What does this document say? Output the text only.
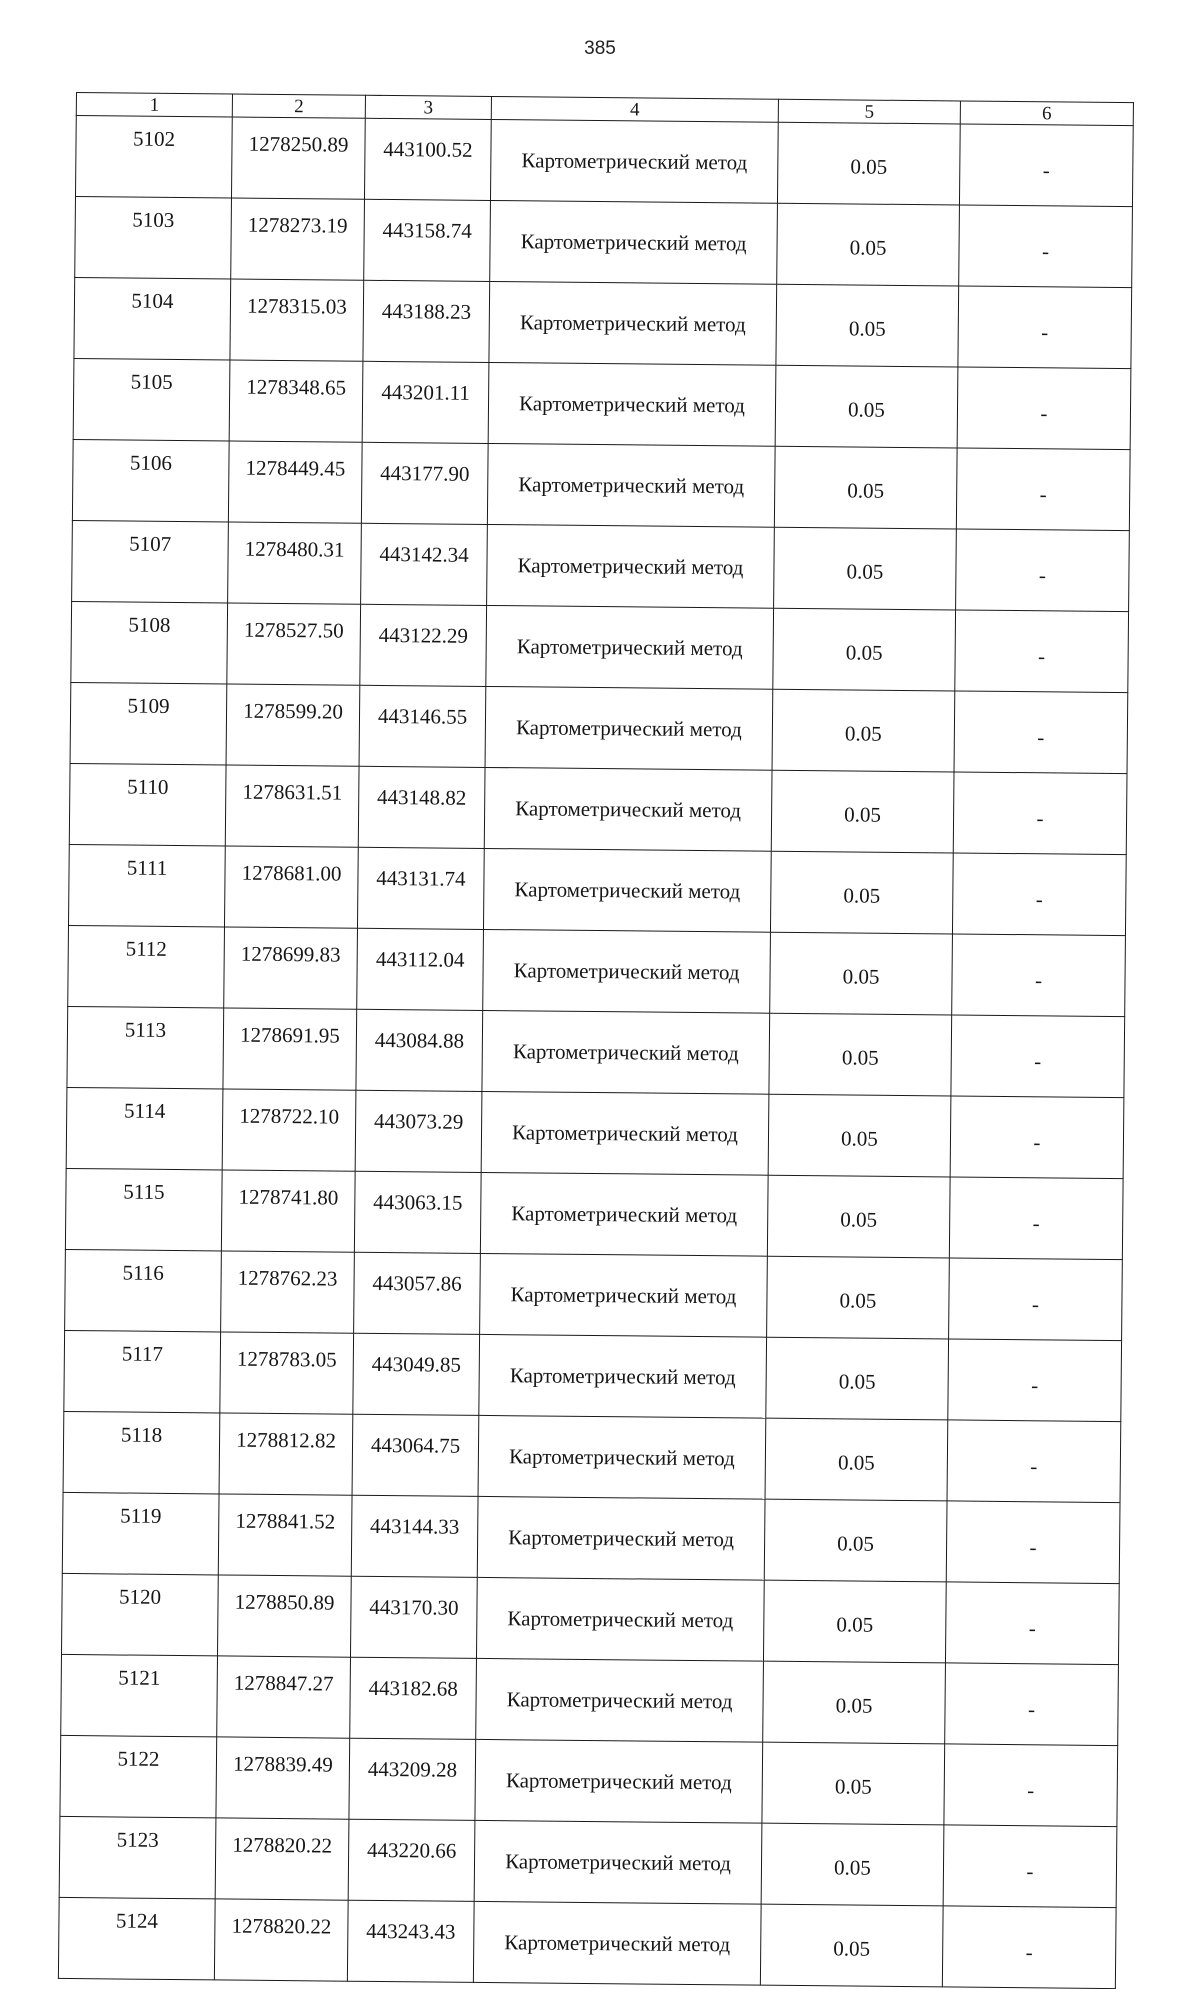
385
1	2	3	4	5	6
5102	1278250.89	443100.52	Картометрический метод	0.05	-
5103	1278273.19	443158.74	Картометрический метод	0.05	-
5104	1278315.03	443188.23	Картометрический метод	0.05	-
5105	1278348.65	443201.11	Картометрический метод	0.05	-
5106	1278449.45	443177.90	Картометрический метод	0.05	-
5107	1278480.31	443142.34	Картометрический метод	0.05	-
5108	1278527.50	443122.29	Картометрический метод	0.05	-
5109	1278599.20	443146.55	Картометрический метод	0.05	-
5110	1278631.51	443148.82	Картометрический метод	0.05	-
5111	1278681.00	443131.74	Картометрический метод	0.05	-
5112	1278699.83	443112.04	Картометрический метод	0.05	-
5113	1278691.95	443084.88	Картометрический метод	0.05	-
5114	1278722.10	443073.29	Картометрический метод	0.05	-
5115	1278741.80	443063.15	Картометрический метод	0.05	-
5116	1278762.23	443057.86	Картометрический метод	0.05	-
5117	1278783.05	443049.85	Картометрический метод	0.05	-
5118	1278812.82	443064.75	Картометрический метод	0.05	-
5119	1278841.52	443144.33	Картометрический метод	0.05	-
5120	1278850.89	443170.30	Картометрический метод	0.05	-
5121	1278847.27	443182.68	Картометрический метод	0.05	-
5122	1278839.49	443209.28	Картометрический метод	0.05	-
5123	1278820.22	443220.66	Картометрический метод	0.05	-
5124	1278820.22	443243.43	Картометрический метод	0.05	-
